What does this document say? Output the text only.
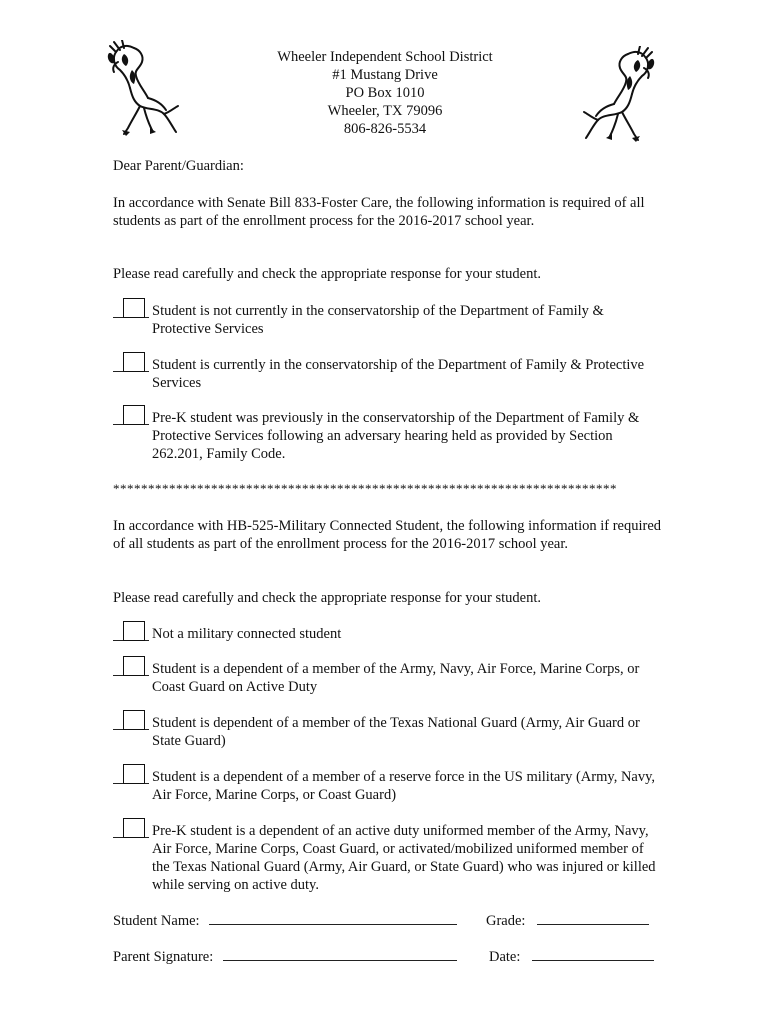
Wheeler Independent School District
#1 Mustang Drive
PO Box 1010
Wheeler, TX 79096
806-826-5534
Dear Parent/Guardian:
In accordance with Senate Bill 833-Foster Care, the following information is required of all students as part of the enrollment process for the 2016-2017 school year.
Please read carefully and check the appropriate response for your student.
Student is not currently in the conservatorship of the Department of Family & Protective Services
Student is currently in the conservatorship of the Department of Family & Protective Services
Pre-K student was previously in the conservatorship of the Department of Family & Protective Services following an adversary hearing held as provided by Section 262.201, Family Code.
************************************************************************
In accordance with HB-525-Military Connected Student, the following information if required of all students as part of the enrollment process for the 2016-2017 school year.
Please read carefully and check the appropriate response for your student.
Not a military connected student
Student is a dependent of a member of the Army, Navy, Air Force, Marine Corps, or Coast Guard on Active Duty
Student is dependent of a member of the Texas National Guard (Army, Air Guard or State Guard)
Student is a dependent of a member of a reserve force in the US military (Army, Navy, Air Force, Marine Corps, or Coast Guard)
Pre-K student is a dependent of an active duty uniformed member of the Army, Navy, Air Force, Marine Corps, Coast Guard, or activated/mobilized uniformed member of the Texas National Guard (Army, Air Guard, or State Guard) who was injured or killed while serving on active duty.
Student Name:	Grade:
Parent Signature:	Date:
